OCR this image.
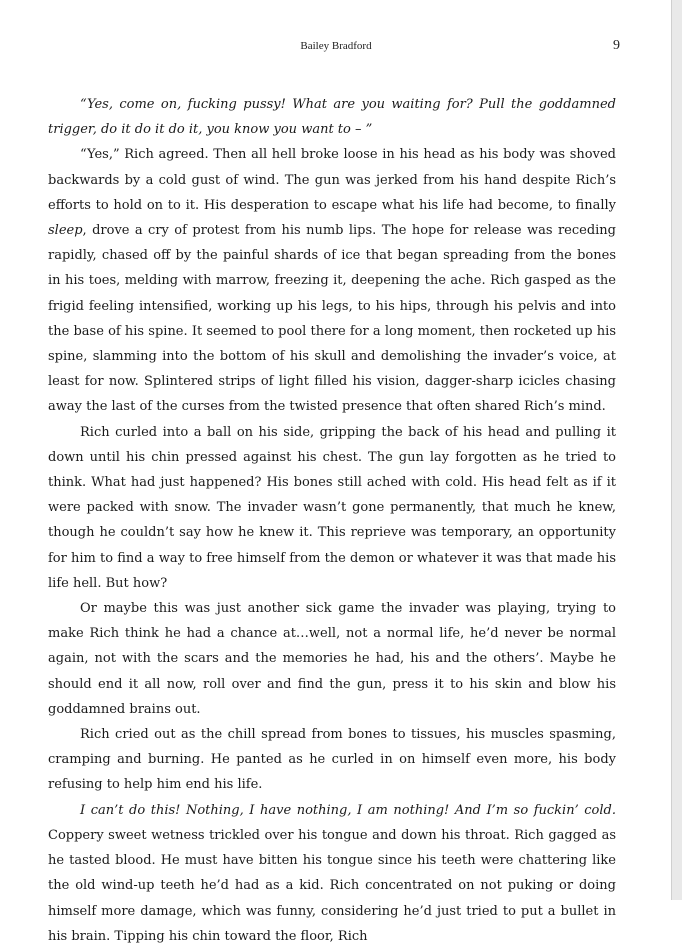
Bailey Bradford	9

“Yes, come on, fucking pussy! What are you waiting for? Pull the goddamned trigger, do it do it do it, you know you want to – ”

“Yes,” Rich agreed. Then all hell broke loose in his head as his body was shoved backwards by a cold gust of wind. The gun was jerked from his hand despite Rich’s efforts to hold on to it. His desperation to escape what his life had become, to finally sleep, drove a cry of protest from his numb lips. The hope for release was receding rapidly, chased off by the painful shards of ice that began spreading from the bones in his toes, melding with marrow, freezing it, deepening the ache. Rich gasped as the frigid feeling intensified, working up his legs, to his hips, through his pelvis and into the base of his spine. It seemed to pool there for a long moment, then rocketed up his spine, slamming into the bottom of his skull and demolishing the invader’s voice, at least for now. Splintered strips of light filled his vision, dagger-sharp icicles chasing away the last of the curses from the twisted presence that often shared Rich’s mind.

Rich curled into a ball on his side, gripping the back of his head and pulling it down until his chin pressed against his chest. The gun lay forgotten as he tried to think. What had just happened? His bones still ached with cold. His head felt as if it were packed with snow. The invader wasn’t gone permanently, that much he knew, though he couldn’t say how he knew it. This reprieve was temporary, an opportunity for him to find a way to free himself from the demon or whatever it was that made his life hell. But how?

Or maybe this was just another sick game the invader was playing, trying to make Rich think he had a chance at…well, not a normal life, he’d never be normal again, not with the scars and the memories he had, his and the others’. Maybe he should end it all now, roll over and find the gun, press it to his skin and blow his goddamned brains out.

Rich cried out as the chill spread from bones to tissues, his muscles spasming, cramping and burning. He panted as he curled in on himself even more, his body refusing to help him end his life.

I can’t do this! Nothing, I have nothing, I am nothing! And I’m so fuckin’ cold. Coppery sweet wetness trickled over his tongue and down his throat. Rich gagged as he tasted blood. He must have bitten his tongue since his teeth were chattering like the old wind-up teeth he’d had as a kid. Rich concentrated on not puking or doing himself more damage, which was funny, considering he’d just tried to put a bullet in his brain. Tipping his chin toward the floor, Rich
